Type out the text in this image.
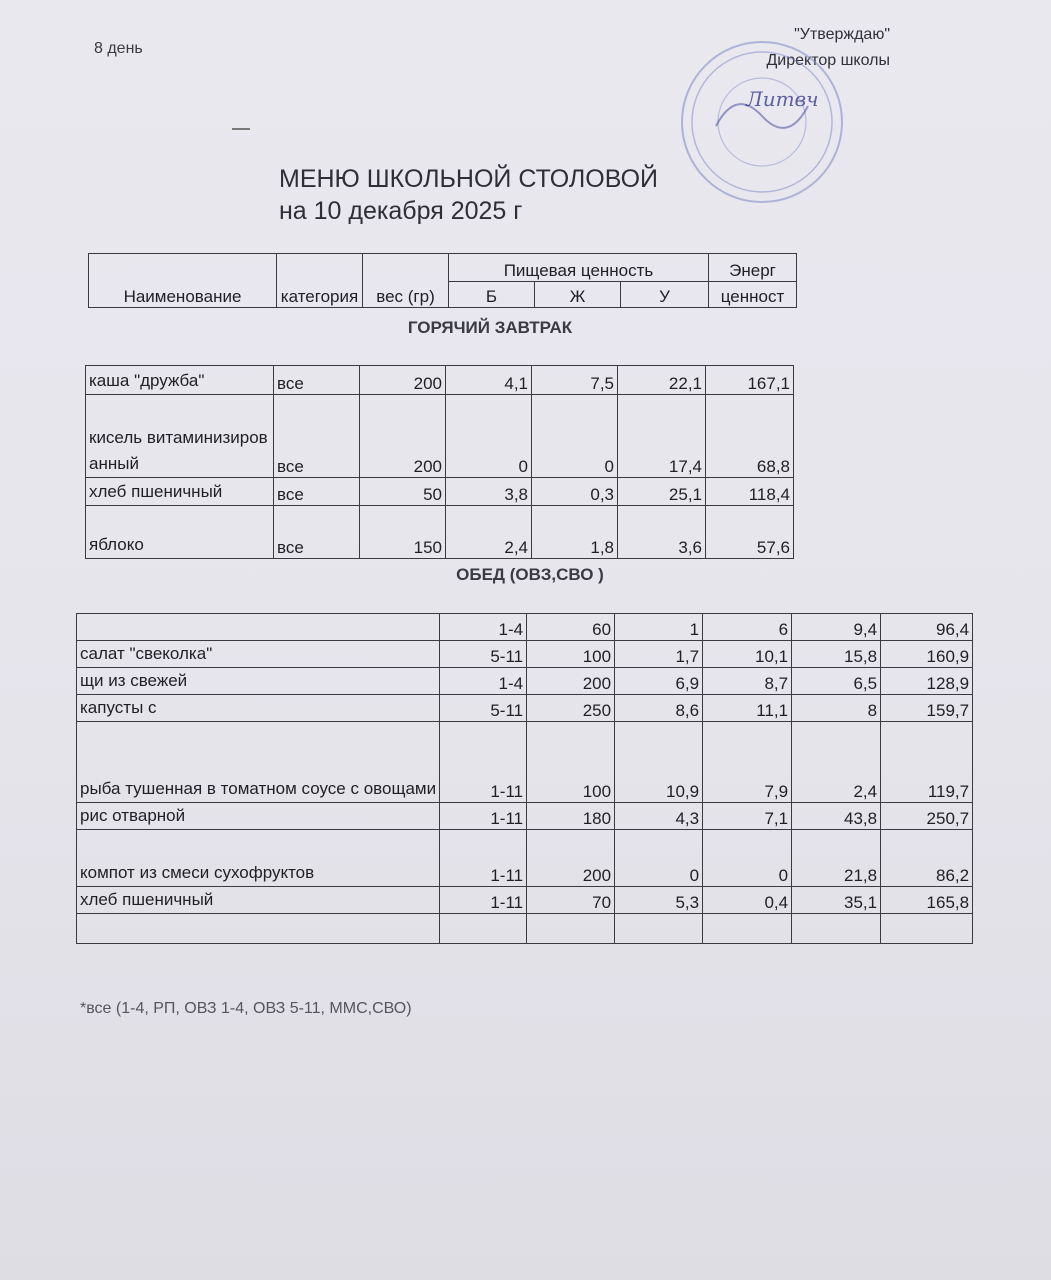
8 день
"Утверждаю"
Директор школы
Литвч
МЕНЮ ШКОЛЬНОЙ СТОЛОВОЙ
на 10 декабря 2025 г
Наименование	категория	вес (гр)	Пищевая ценность			Энерг
			Б	Ж	У	ценност
ГОРЯЧИЙ ЗАВТРАК
каша "дружба"	все	200	4,1	7,5	22,1	167,1
кисель витаминизированный	все	200	0	0	17,4	68,8
хлеб пшеничный	все	50	3,8	0,3	25,1	118,4
яблоко	все	150	2,4	1,8	3,6	57,6
ОБЕД (ОВЗ,СВО )
	1-4	60	1	6	9,4	96,4
салат "свеколка"	5-11	100	1,7	10,1	15,8	160,9
щи из свежей	1-4	200	6,9	8,7	6,5	128,9
капусты с	5-11	250	8,6	11,1	8	159,7
рыба тушенная в томатном соусе с овощами	1-11	100	10,9	7,9	2,4	119,7
рис отварной	1-11	180	4,3	7,1	43,8	250,7
компот из смеси сухофруктов	1-11	200	0	0	21,8	86,2
хлеб пшеничный	1-11	70	5,3	0,4	35,1	165,8

*все (1-4, РП, ОВЗ 1-4, ОВЗ 5-11, ММС,СВО)
